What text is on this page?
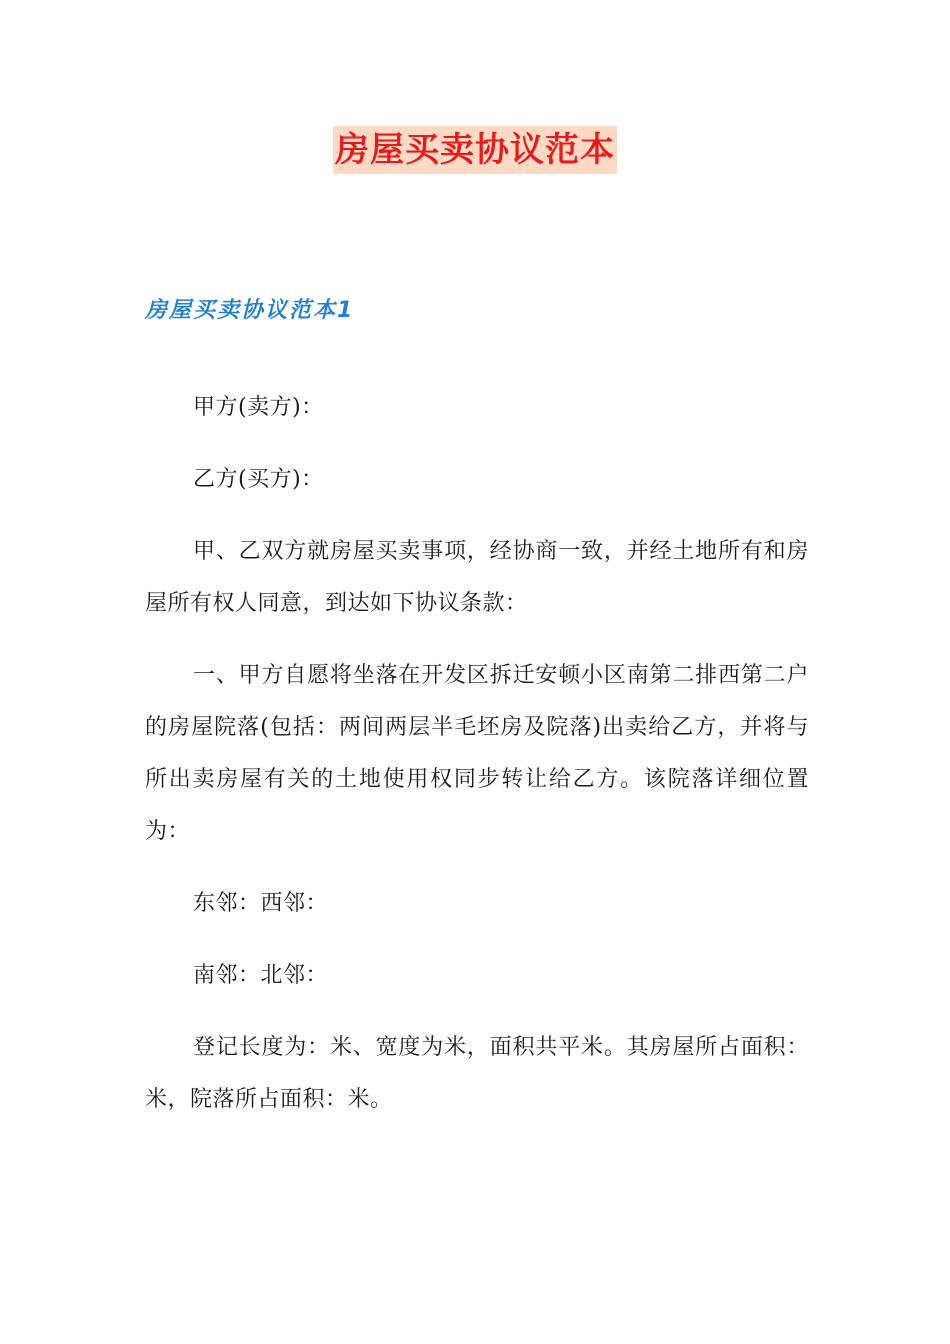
房屋买卖协议范本
房屋买卖协议范本1

甲方(卖方)：

乙方(买方)：

甲、乙双方就房屋买卖事项，经协商一致，并经土地所有和房屋所有权人同意，到达如下协议条款：

一、甲方自愿将坐落在开发区拆迁安顿小区南第二排西第二户的房屋院落(包括：两间两层半毛坯房及院落)出卖给乙方，并将与所出卖房屋有关的土地使用权同步转让给乙方。该院落详细位置为：

东邻：西邻：

南邻：北邻：

登记长度为：米、宽度为米，面积共平米。其房屋所占面积：米，院落所占面积：米。
